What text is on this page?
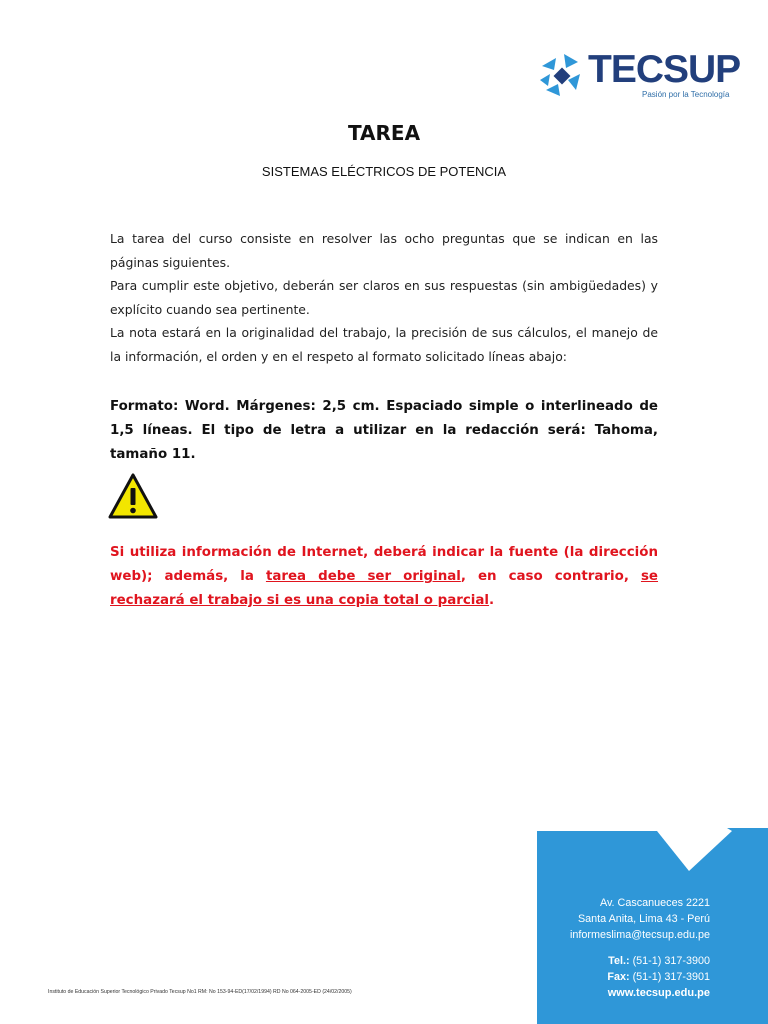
TECSUP
Pasión por la Tecnología
TAREA
SISTEMAS ELÉCTRICOS DE POTENCIA

La tarea del curso consiste en resolver las ocho preguntas que se indican en las páginas siguientes.

Para cumplir este objetivo, deberán ser claros en sus respuestas (sin ambigüedades) y explícito cuando sea pertinente.

La nota estará en la originalidad del trabajo, la precisión de sus cálculos, el manejo de la información, el orden y en el respeto al formato solicitado líneas abajo:

Formato: Word. Márgenes: 2,5 cm. Espaciado simple o interlineado de 1,5 líneas. El tipo de letra a utilizar en la redacción será: Tahoma, tamaño 11.
Si utiliza información de Internet, deberá indicar la fuente (la dirección web); además, la tarea debe ser original, en caso contrario, se rechazará el trabajo si es una copia total o parcial.
Av. Cascanueces 2221
Santa Anita, Lima 43 - Perú
informeslima@tecsup.edu.pe
Tel.: (51-1) 317-3900
Fax: (51-1) 317-3901
www.tecsup.edu.pe
Instituto de Educación Superior Tecnológico Privado Tecsup No1 RM: No 153-94-ED(17/02/1994) RD No 064-2005-ED (24/02/2005)
